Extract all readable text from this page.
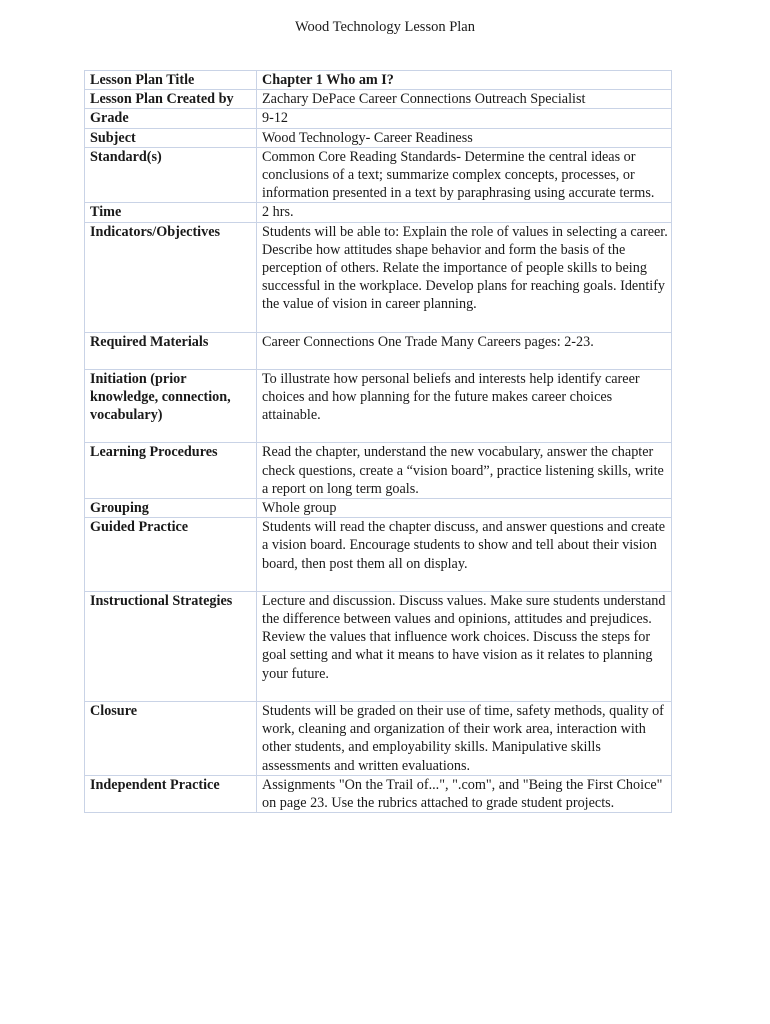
Wood Technology Lesson Plan
Lesson Plan Title	Chapter 1 Who am I?
Lesson Plan Created by	Zachary DePace Career Connections Outreach Specialist
Grade	9-12
Subject	Wood Technology- Career Readiness
Standard(s)	Common Core Reading Standards- Determine the central ideas or conclusions of a text; summarize complex concepts, processes, or information presented in a text by paraphrasing using accurate terms.
Time	2 hrs.
Indicators/Objectives	Students will be able to: Explain the role of values in selecting a career. Describe how attitudes shape behavior and form the basis of the perception of others. Relate the importance of people skills to being successful in the workplace. Develop plans for reaching goals. Identify the value of vision in career planning.
Required Materials	Career Connections One Trade Many Careers pages: 2-23.
Initiation (prior knowledge, connection, vocabulary)	To illustrate how personal beliefs and interests help identify career choices and how planning for the future makes career choices attainable.
Learning Procedures	Read the chapter, understand the new vocabulary, answer the chapter check questions, create a “vision board”, practice listening skills, write a report on long term goals.
Grouping	Whole group
Guided Practice	Students will read the chapter discuss, and answer questions and create a vision board. Encourage students to show and tell about their vision board, then post them all on display.
Instructional Strategies	Lecture and discussion. Discuss values. Make sure students understand the difference between values and opinions, attitudes and prejudices. Review the values that influence work choices. Discuss the steps for goal setting and what it means to have vision as it relates to planning your future.
Closure	Students will be graded on their use of time, safety methods, quality of work, cleaning and organization of their work area, interaction with other students, and employability skills. Manipulative skills assessments and written evaluations.
Independent Practice	Assignments "On the Trail of...", ".com", and "Being the First Choice" on page 23. Use the rubrics attached to grade student projects.
